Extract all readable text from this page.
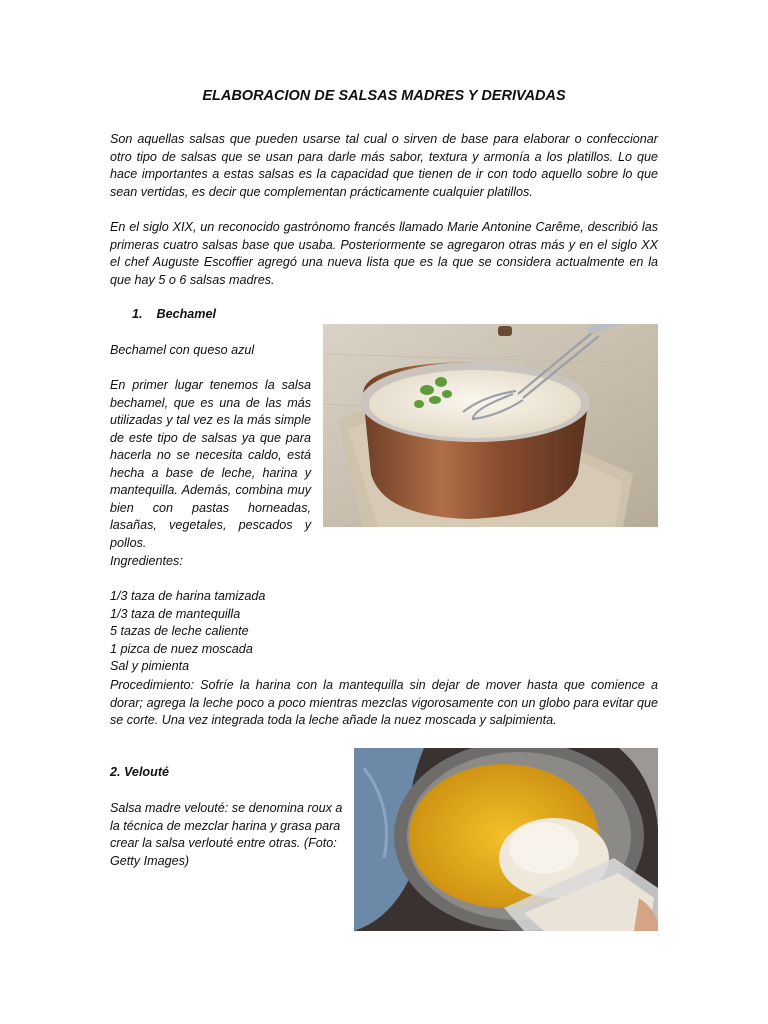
ELABORACION DE SALSAS MADRES Y DERIVADAS

Son aquellas salsas que pueden usarse tal cual o sirven de base para elaborar o confeccionar otro tipo de salsas que se usan para darle más sabor, textura y armonía a los platillos. Lo que hace importantes a estas salsas es la capacidad que tienen de ir con todo aquello sobre lo que sean vertidas, es decir que complementan prácticamente cualquier platillos.

En el siglo XIX, un reconocido gastrónomo francés llamado Marie Antonine Carême, describió las primeras cuatro salsas base que usaba. Posteriormente se agregaron otras más y en el siglo XX el chef Auguste Escoffier agregó una nueva lista que es la que se considera actualmente en la que hay 5 o 6 salsas madres.

1.    Bechamel

Bechamel con queso azul

En primer lugar tenemos la salsa bechamel, que es una de las más utilizadas y tal vez es la más simple de este tipo de salsas ya que para hacerla no se necesita caldo, está hecha a base de leche, harina y mantequilla. Además, combina muy bien con pastas horneadas, lasañas, vegetales, pescados y pollos.

Ingredientes:

1/3 taza de harina tamizada
1/3 taza de mantequilla
5 tazas de leche caliente
1 pizca de nuez moscada
Sal y pimienta

Procedimiento: Sofríe la harina con la mantequilla sin dejar de mover hasta que comience a dorar; agrega la leche poco a poco mientras mezclas vigorosamente con un globo para evitar que se corte. Una vez integrada toda la leche añade la nuez moscada y salpimienta.

2. Velouté

Salsa madre velouté: se denomina roux a la técnica de mezclar harina y grasa para crear la salsa verlouté entre otras. (Foto: Getty Images)
